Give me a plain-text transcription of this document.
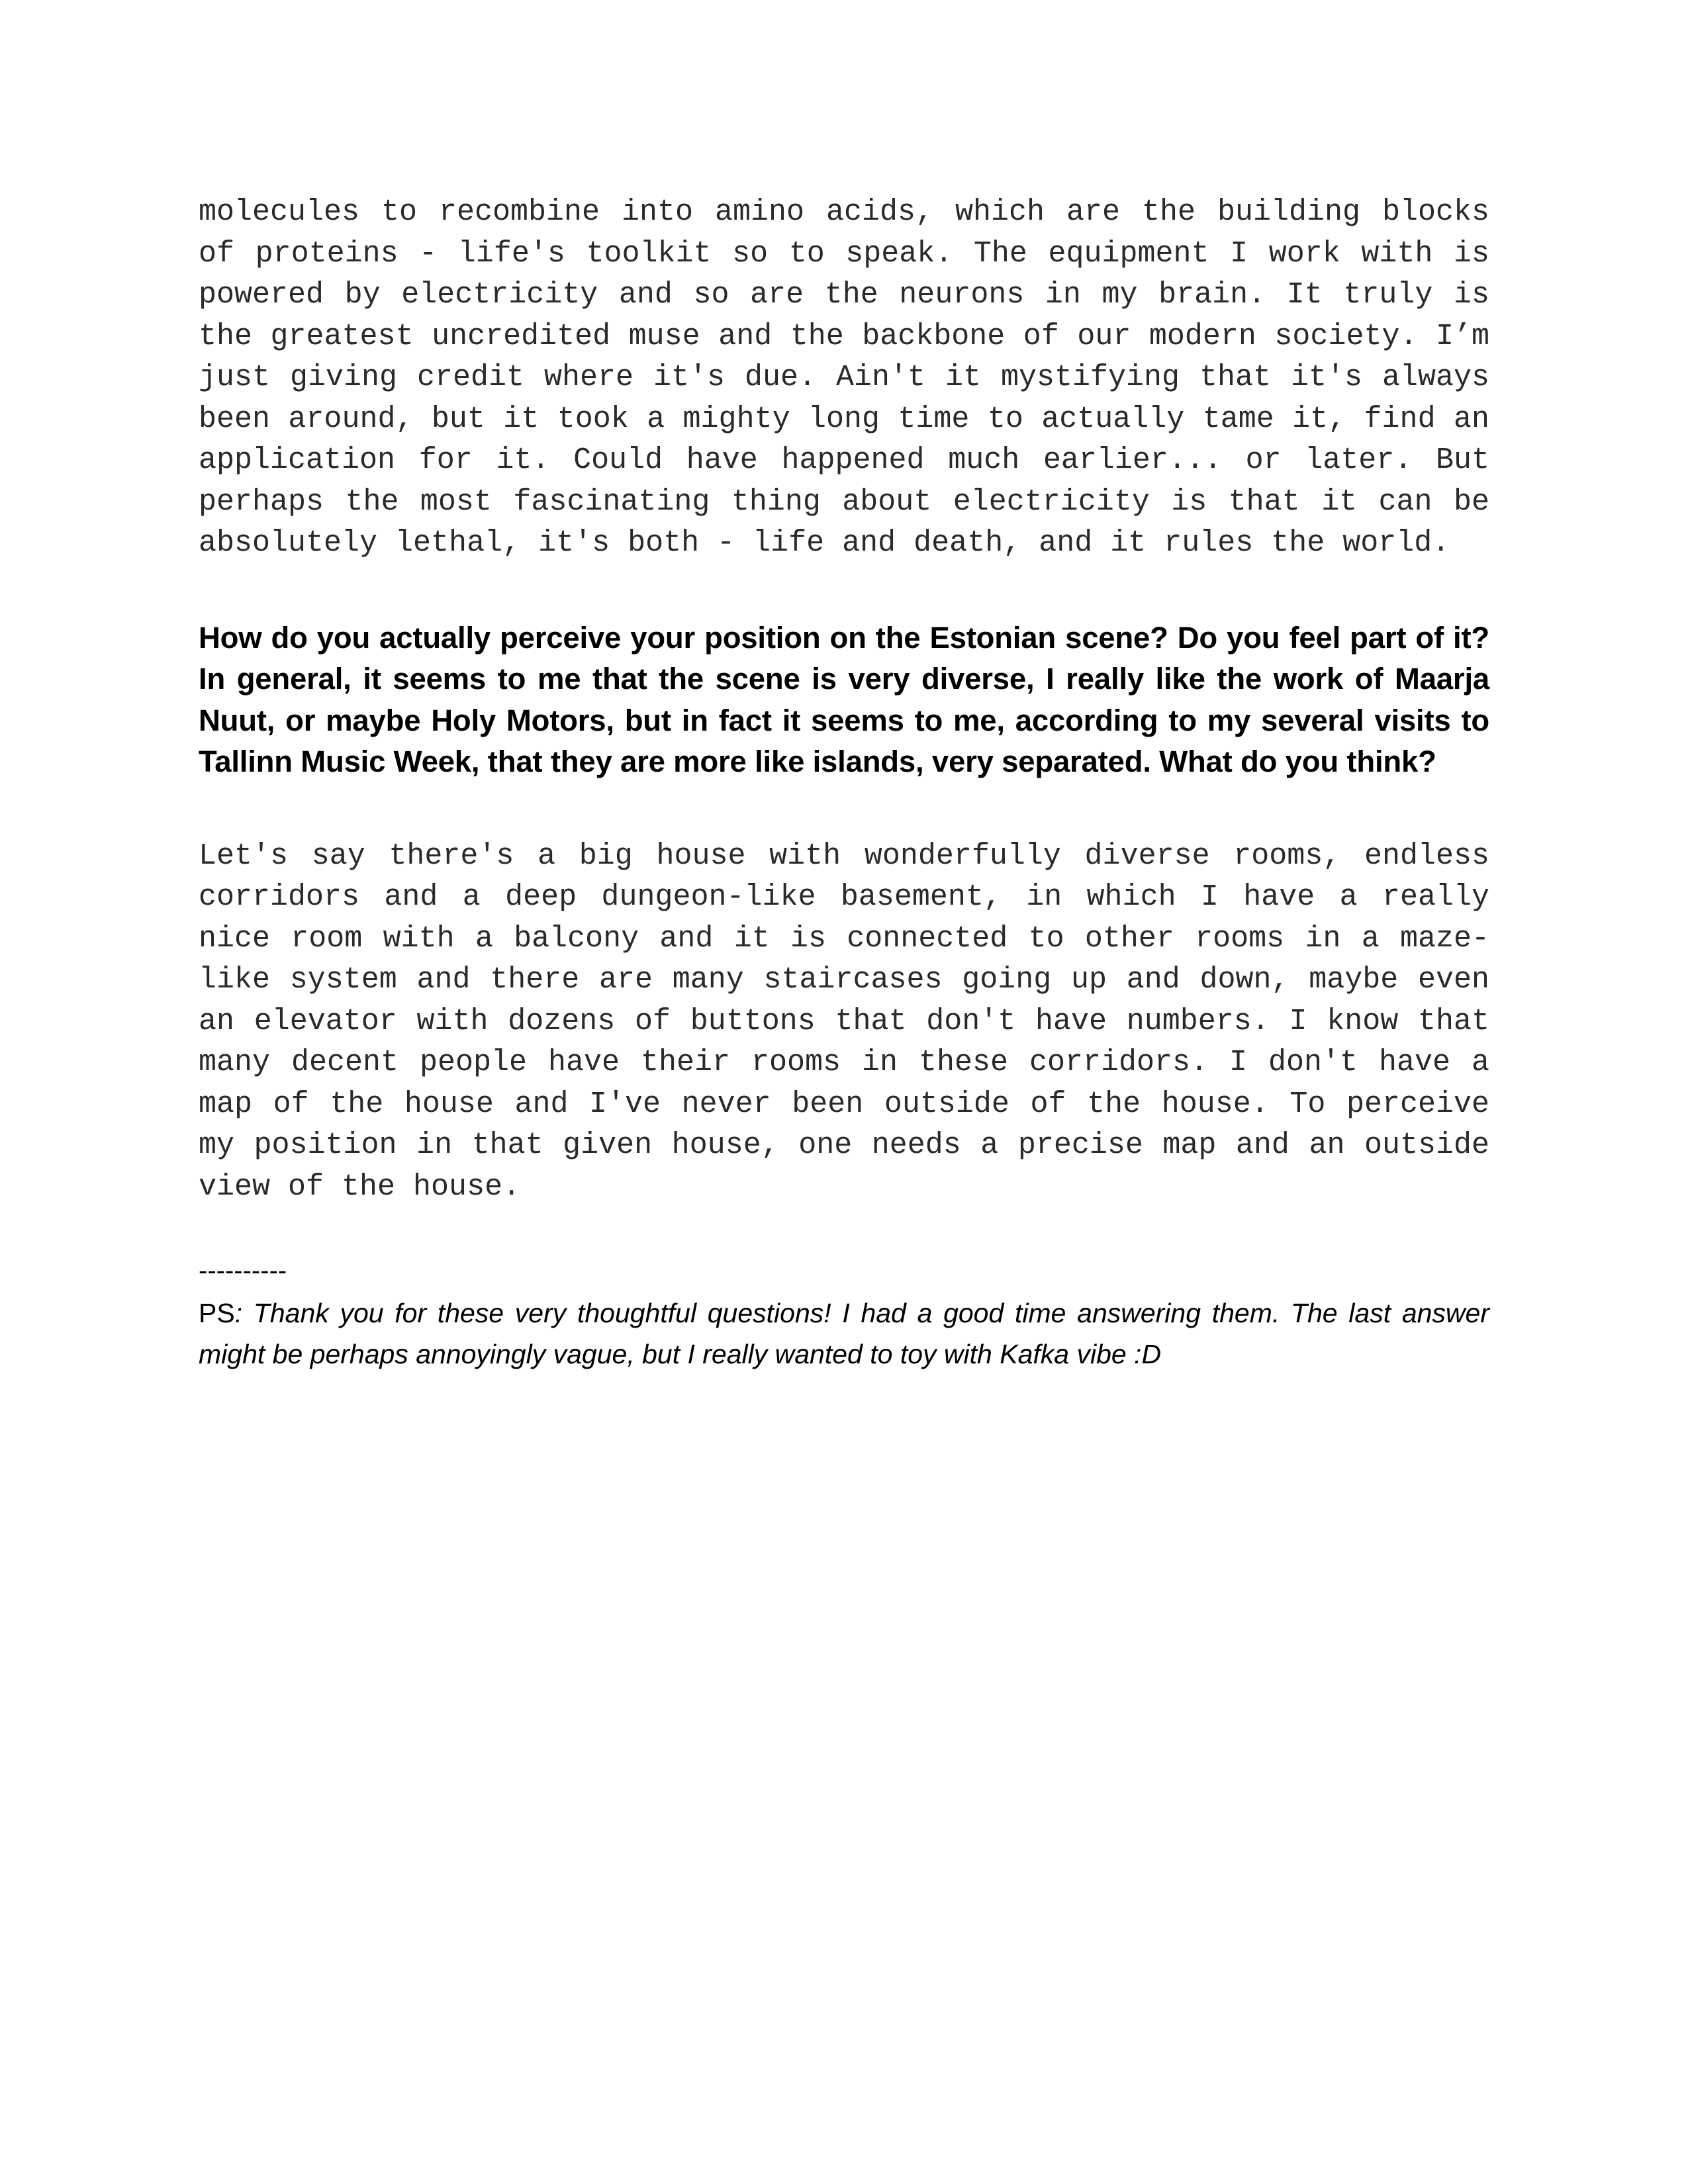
molecules to recombine into amino acids, which are the building blocks of proteins - life's toolkit so to speak. The equipment I work with is powered by electricity and so are the neurons in my brain. It truly is the greatest uncredited muse and the backbone of our modern society. I’m just giving credit where it's due. Ain't it mystifying that it's always been around, but it took a mighty long time to actually tame it, find an application for it. Could have happened much earlier... or later. But perhaps the most fascinating thing about electricity is that it can be absolutely lethal, it's both - life and death, and it rules the world.

How do you actually perceive your position on the Estonian scene? Do you feel part of it? In general, it seems to me that the scene is very diverse, I really like the work of Maarja Nuut, or maybe Holy Motors, but in fact it seems to me, according to my several visits to Tallinn Music Week, that they are more like islands, very separated. What do you think?

Let's say there's a big house with wonderfully diverse rooms, endless corridors and a deep dungeon-like basement, in which I have a really nice room with a balcony and it is connected to other rooms in a maze-like system and there are many staircases going up and down, maybe even an elevator with dozens of buttons that don't have numbers. I know that many decent people have their rooms in these corridors. I don't have a map of the house and I've never been outside of the house. To perceive my position in that given house, one needs a precise map and an outside view of the house.

----------

PS: Thank you for these very thoughtful questions! I had a good time answering them. The last answer might be perhaps annoyingly vague, but I really wanted to toy with Kafka vibe :D
